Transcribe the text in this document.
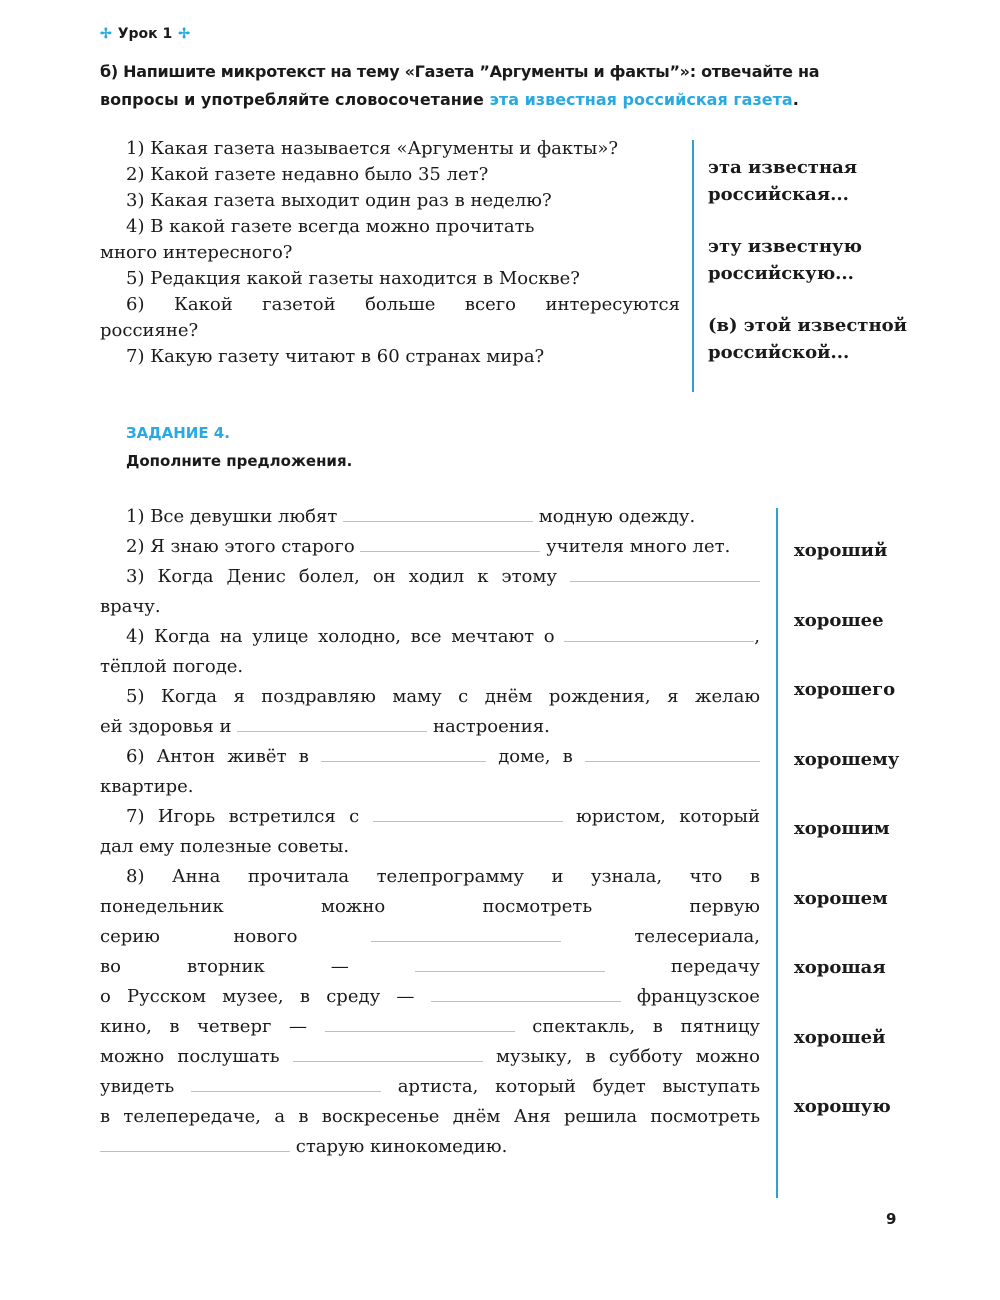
✢ Урок 1 ✢
б) Напишите микротекст на тему «Газета ”Аргументы и факты”»: отвечайте на
вопросы и употребляйте словосочетание эта известная российская газета.
1) Какая газета называется «Аргументы и факты»?
2) Какой газете недавно было 35 лет?
3) Какая газета выходит один раз в неделю?
4) В какой газете всегда можно прочитать
много интересного?
5) Редакция какой газеты находится в Москве?
6) Какой газетой больше всего интересуются
россияне?
7) Какую газету читают в 60 странах мира?
эта известная
российская...
эту известную
российскую...
(в) этой известной
российской...
ЗАДАНИЕ 4.
Дополните предложения.

1) Все девушки любят	модную одежду.

2) Я знаю этого старого	учителя много лет.

3) Когда Денис болел, он ходил к этому

врачу.

4) Когда на улице холодно, все мечтают о	,

тёплой погоде.

5) Когда я поздравляю маму с днём рождения, я желаю

ей здоровья и	настроения.

6) Антон живёт в	доме, в

квартире.

7) Игорь встретился с	юристом, который

дал ему полезные советы.

8) Анна прочитала телепрограмму и узнала, что в

понедельник	можно	посмотреть	первую

серию	нового	телесериала,

во	вторник	—	передачу

о Русском музее, в среду —	французское

кино, в четверг —	спектакль, в пятницу

можно послушать	музыку, в субботу можно

увидеть	артиста, который будет выступать

в телепередаче, а в воскресенье днём Аня решила посмотреть

старую кинокомедию.

хороший
хорошее
хорошего
хорошему
хорошим
хорошем
хорошая
хорошей
хорошую
9
